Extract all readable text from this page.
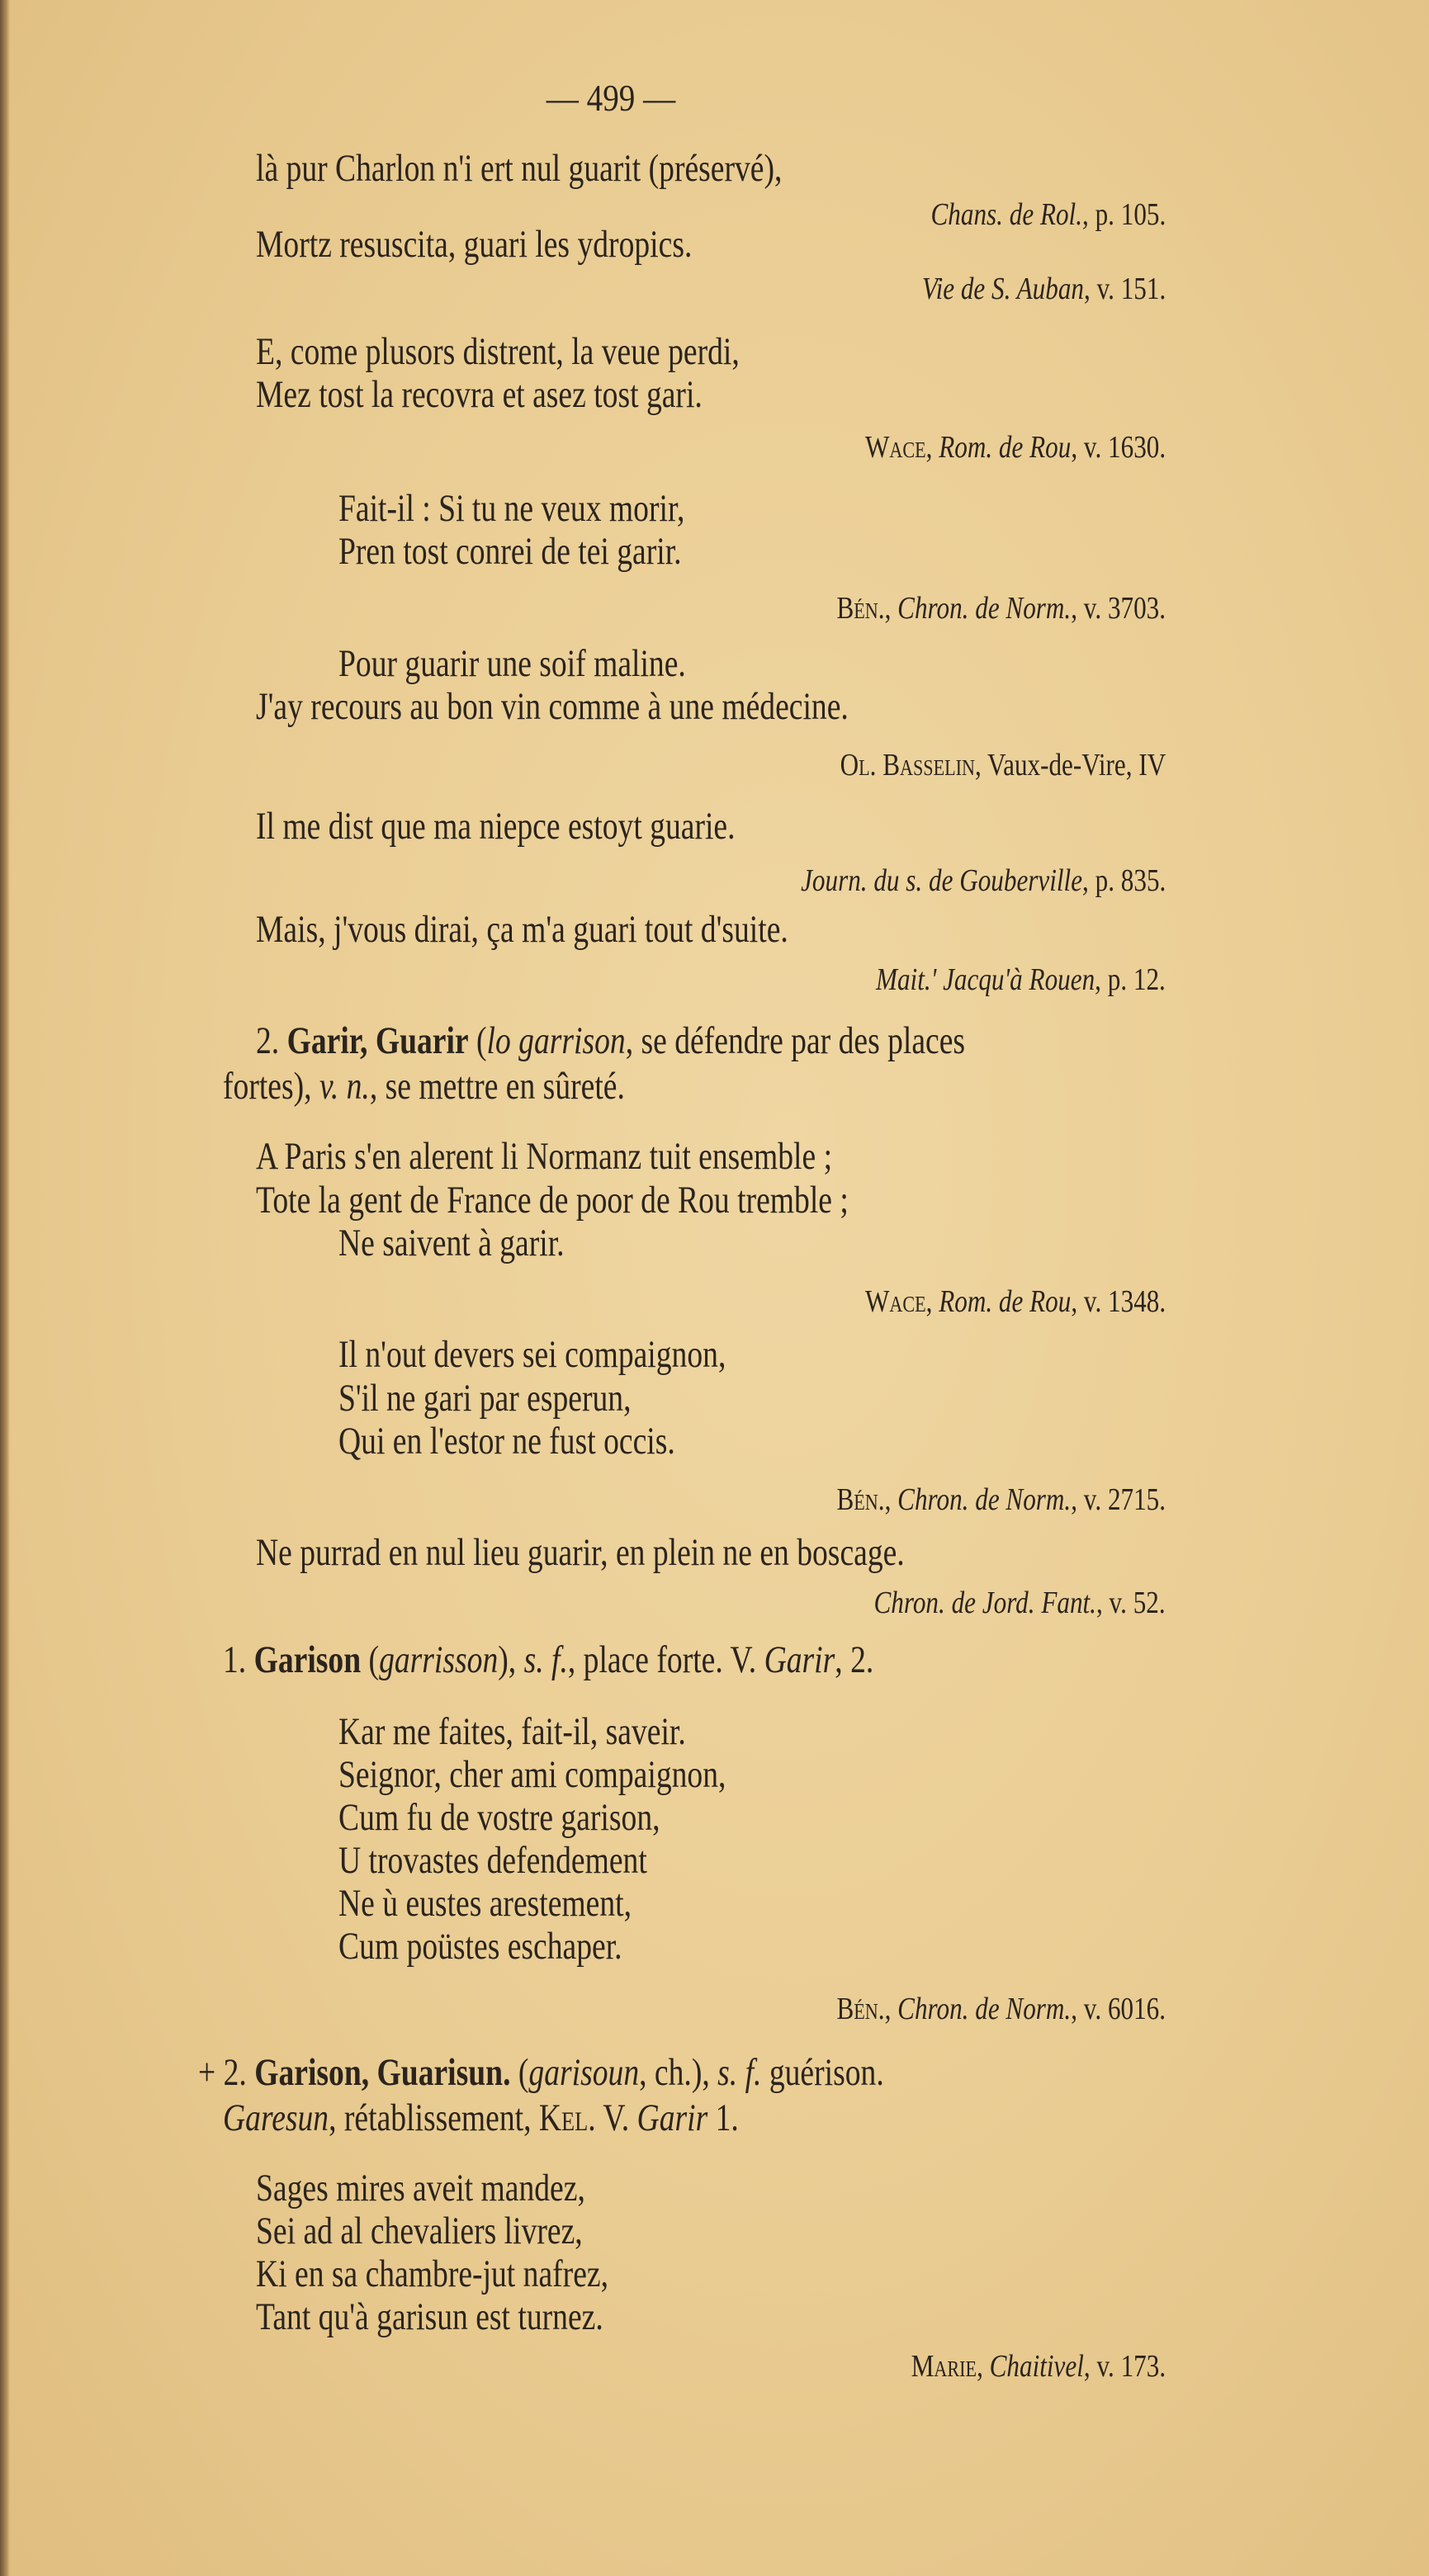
— 499 —
là pur Charlon n'i ert nul guarit (préservé),
Chans. de Rol., p. 105.
Mortz resuscita, guari les ydropics.
Vie de S. Auban, v. 151.
E, come plusors distrent, la veue perdi,
Mez tost la recovra et asez tost gari.
Wace, Rom. de Rou, v. 1630.
Fait-il : Si tu ne veux morir,
Pren tost conrei de tei garir.
Bén., Chron. de Norm., v. 3703.
Pour guarir une soif maline.
J'ay recours au bon vin comme à une médecine.
Ol. Basselin, Vaux-de-Vire, IV
Il me dist que ma niepce estoyt guarie.
Journ. du s. de Gouberville, p. 835.
Mais, j'vous dirai, ça m'a guari tout d'suite.
Mait.' Jacqu'à Rouen, p. 12.
2. Garir, Guarir (lo garrison, se défendre par des places
fortes), v. n., se mettre en sûreté.
A Paris s'en alerent li Normanz tuit ensemble ;
Tote la gent de France de poor de Rou tremble ;
Ne saivent à garir.
Wace, Rom. de Rou, v. 1348.
Il n'out devers sei compaignon,
S'il ne gari par esperun,
Qui en l'estor ne fust occis.
Bén., Chron. de Norm., v. 2715.
Ne purrad en nul lieu guarir, en plein ne en boscage.
Chron. de Jord. Fant., v. 52.
1. Garison (garrisson), s. f., place forte. V. Garir, 2.
Kar me faites, fait-il, saveir.
Seignor, cher ami compaignon,
Cum fu de vostre garison,
U trovastes defendement
Ne ù eustes arestement,
Cum poüstes eschaper.
Bén., Chron. de Norm., v. 6016.
+ 2. Garison, Guarisun. (garisoun, ch.), s. f. guérison.
Garesun, rétablissement, Kel. V. Garir 1.
Sages mires aveit mandez,
Sei ad al chevaliers livrez,
Ki en sa chambre-jut nafrez,
Tant qu'à garisun est turnez.
Marie, Chaitivel, v. 173.
